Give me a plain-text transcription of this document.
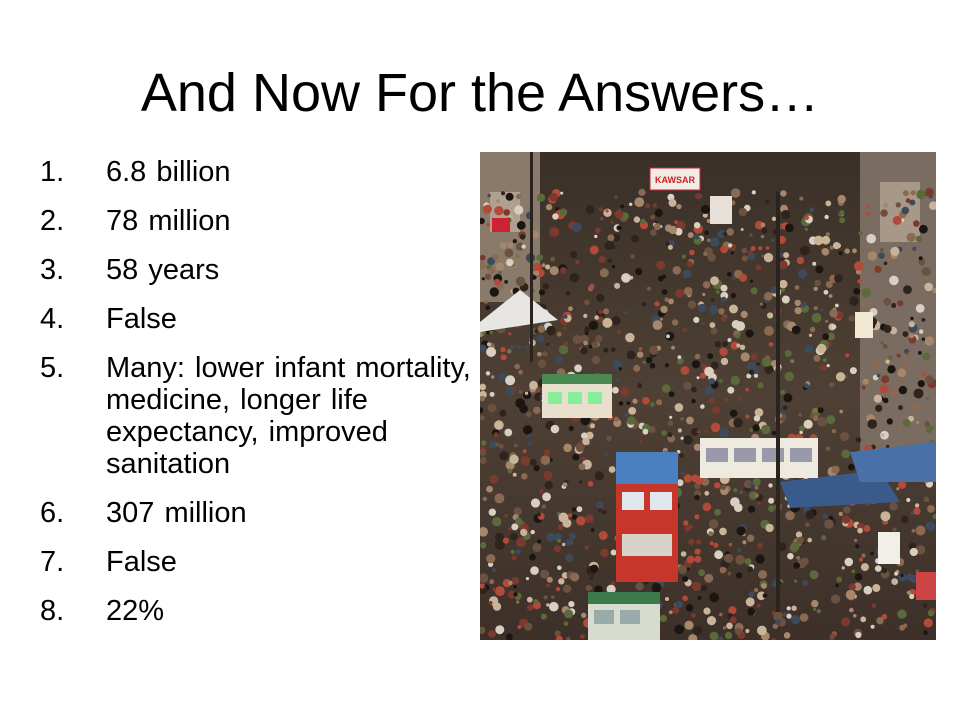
And Now For the Answers…
1.	6.8 billion
2.	78 million
3.	58 years
4.	False
5.	Many: lower infant mortality, medicine, longer life expectancy, improved sanitation
6.	307 million
7.	False
8.	22%
KAWSAR
